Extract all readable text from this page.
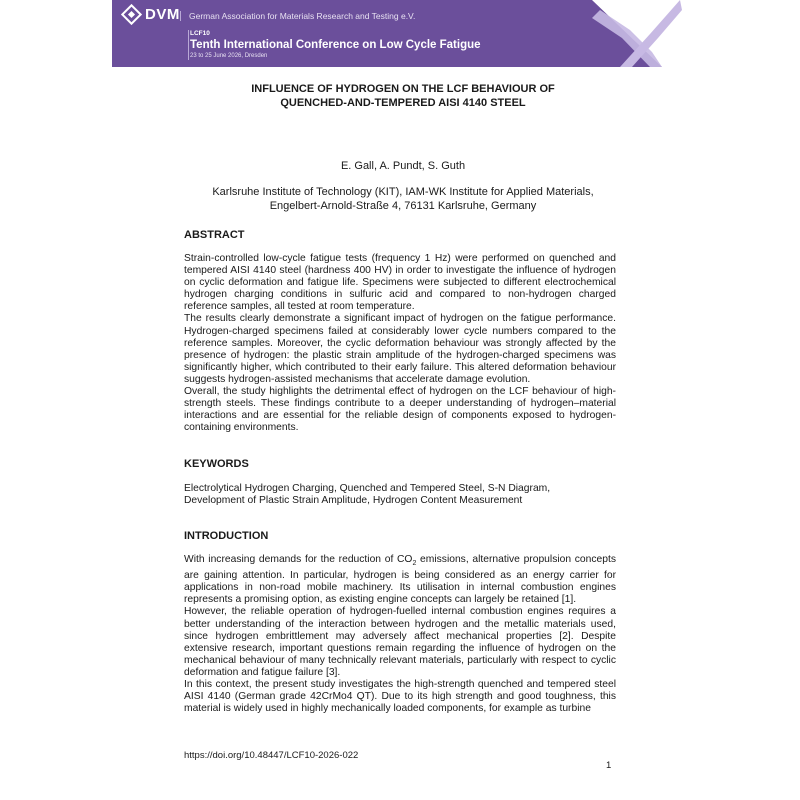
DVM	German Association for Materials Research and Testing e.V.
LCF10
Tenth International Conference on Low Cycle Fatigue
23 to 25 June 2026, Dresden
INFLUENCE OF HYDROGEN ON THE LCF BEHAVIOUR OF
QUENCHED-AND-TEMPERED AISI 4140 STEEL
E. Gall, A. Pundt, S. Guth
Karlsruhe Institute of Technology (KIT), IAM-WK Institute for Applied Materials,
Engelbert-Arnold-Straße 4, 76131 Karlsruhe, Germany
ABSTRACT

Strain-controlled low-cycle fatigue tests (frequency 1 Hz) were performed on quenched and tempered AISI 4140 steel (hardness 400 HV) in order to investigate the influence of hydrogen on cyclic deformation and fatigue life. Specimens were subjected to different electrochemical hydrogen charging conditions in sulfuric acid and compared to non-hydrogen charged reference samples, all tested at room temperature.

The results clearly demonstrate a significant impact of hydrogen on the fatigue performance. Hydrogen-charged specimens failed at considerably lower cycle numbers compared to the reference samples. Moreover, the cyclic deformation behaviour was strongly affected by the presence of hydrogen: the plastic strain amplitude of the hydrogen-charged specimens was significantly higher, which contributed to their early failure. This altered deformation behaviour suggests hydrogen-assisted mechanisms that accelerate damage evolution.

Overall, the study highlights the detrimental effect of hydrogen on the LCF behaviour of high-strength steels. These findings contribute to a deeper understanding of hydrogen–material interactions and are essential for the reliable design of components exposed to hydrogen-containing environments.

KEYWORDS
Electrolytical Hydrogen Charging, Quenched and Tempered Steel, S-N Diagram,
Development of Plastic Strain Amplitude, Hydrogen Content Measurement
INTRODUCTION

With increasing demands for the reduction of $CO_2$ emissions, alternative propulsion concepts are gaining attention. In particular, hydrogen is being considered as an energy carrier for applications in non-road mobile machinery. Its utilisation in internal combustion engines represents a promising option, as existing engine concepts can largely be retained [1].

However, the reliable operation of hydrogen-fuelled internal combustion engines requires a better understanding of the interaction between hydrogen and the metallic materials used, since hydrogen embrittlement may adversely affect mechanical properties [2]. Despite extensive research, important questions remain regarding the influence of hydrogen on the mechanical behaviour of many technically relevant materials, particularly with respect to cyclic deformation and fatigue failure [3].

In this context, the present study investigates the high-strength quenched and tempered steel AISI 4140 (German grade 42CrMo4 QT). Due to its high strength and good toughness, this material is widely used in highly mechanically loaded components, for example as turbine

https://doi.org/10.48447/LCF10-2026-022
1
